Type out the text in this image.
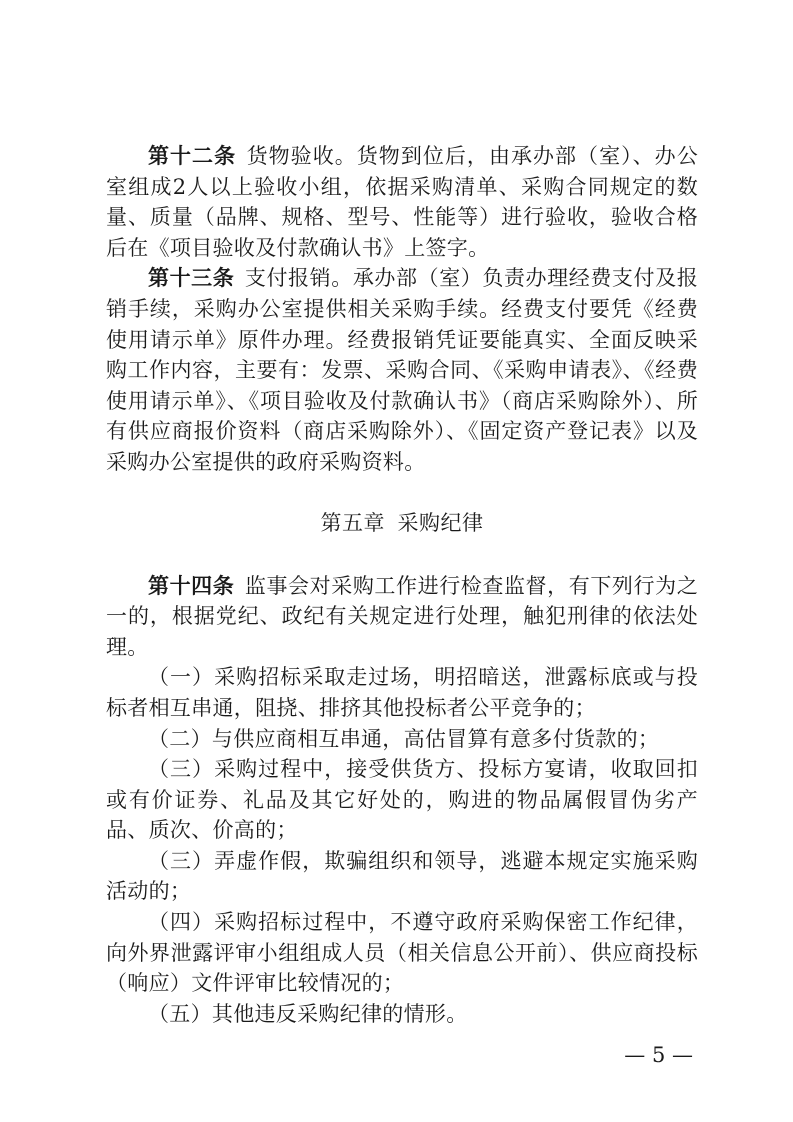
第十二条 货物验收。货物到位后，由承办部（室）、办公室组成2人以上验收小组，依据采购清单、采购合同规定的数量、质量（品牌、规格、型号、性能等）进行验收，验收合格后在《项目验收及付款确认书》上签字。

第十三条 支付报销。承办部（室）负责办理经费支付及报销手续，采购办公室提供相关采购手续。经费支付要凭《经费使用请示单》原件办理。经费报销凭证要能真实、全面反映采购工作内容，主要有：发票、采购合同、《采购申请表》、《经费使用请示单》、《项目验收及付款确认书》（商店采购除外）、所有供应商报价资料（商店采购除外）、《固定资产登记表》以及采购办公室提供的政府采购资料。

第五章 采购纪律

第十四条 监事会对采购工作进行检查监督，有下列行为之一的，根据党纪、政纪有关规定进行处理，触犯刑律的依法处理。

（一）采购招标采取走过场，明招暗送，泄露标底或与投标者相互串通，阻挠、排挤其他投标者公平竞争的；

（二）与供应商相互串通，高估冒算有意多付货款的；

（三）采购过程中，接受供货方、投标方宴请，收取回扣或有价证券、礼品及其它好处的，购进的物品属假冒伪劣产品、质次、价高的；

（三）弄虚作假，欺骗组织和领导，逃避本规定实施采购活动的；

（四）采购招标过程中，不遵守政府采购保密工作纪律，向外界泄露评审小组组成人员（相关信息公开前）、供应商投标（响应）文件评审比较情况的；

（五）其他违反采购纪律的情形。

— 5 —
